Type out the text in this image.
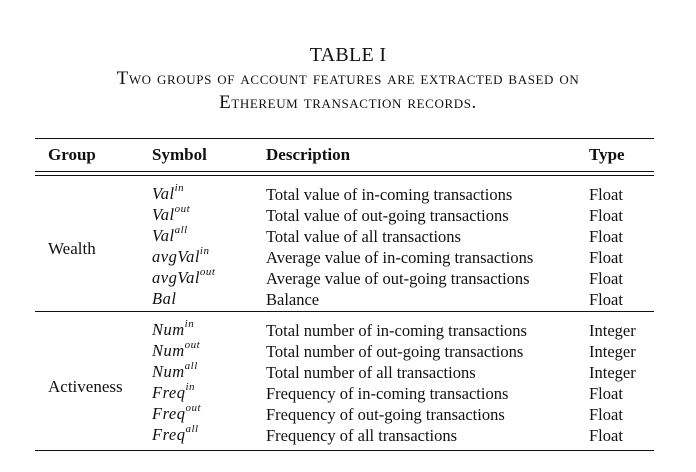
TABLE I
Two groups of account features are extracted based on
Ethereum transaction records.
Group	Symbol	Description	Type
Wealth
Val$^{in}$	Total value of in-coming transactions	Float
Val$^{out}$	Total value of out-going transactions	Float
Val$^{all}$	Total value of all transactions	Float
avgVal$^{in}$	Average value of in-coming transactions	Float
avgVal$^{out}$	Average value of out-going transactions	Float
Bal	Balance	Float
Activeness
Num$^{in}$	Total number of in-coming transactions	Integer
Num$^{out}$	Total number of out-going transactions	Integer
Num$^{all}$	Total number of all transactions	Integer
Freq$^{in}$	Frequency of in-coming transactions	Float
Freq$^{out}$	Frequency of out-going transactions	Float
Freq$^{all}$	Frequency of all transactions	Float
